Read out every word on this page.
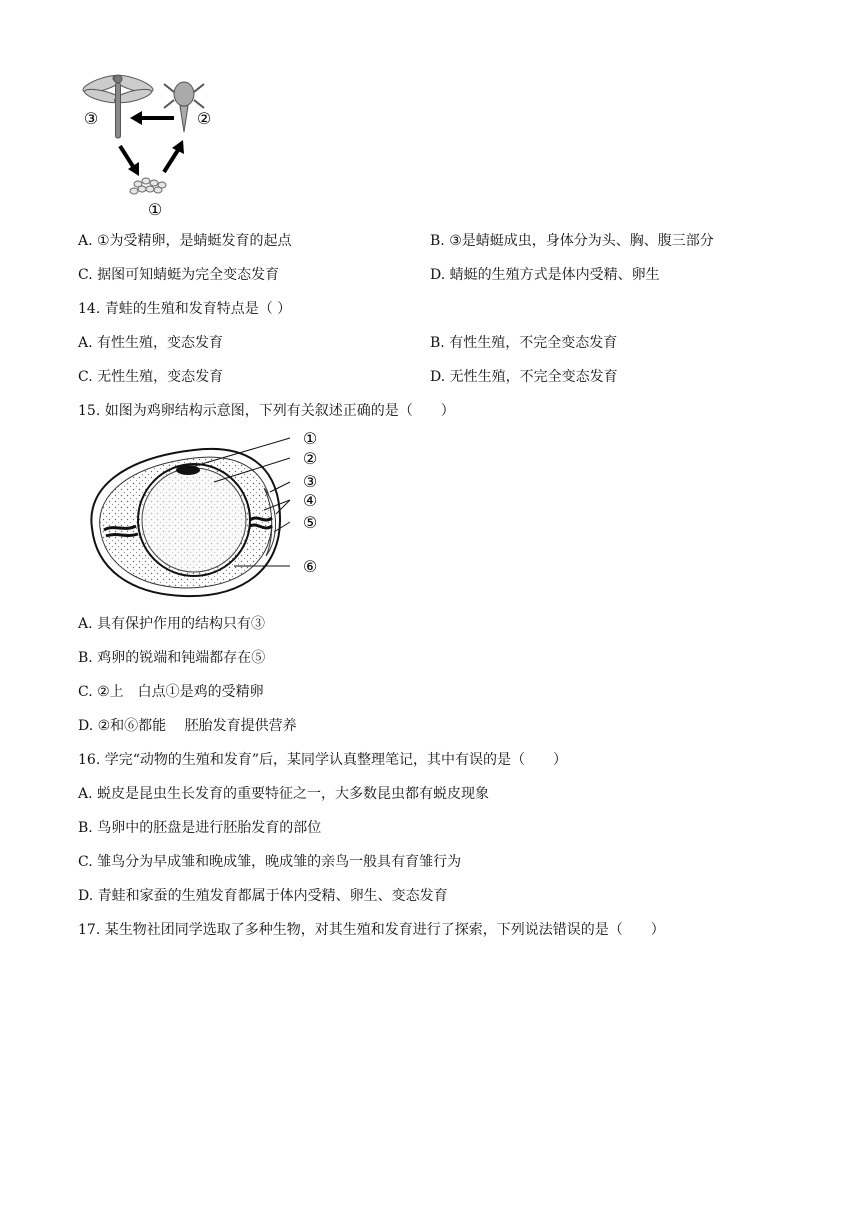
③	②
①
A. ①为受精卵，是蜻蜓发育的起点	B. ③是蜻蜓成虫，身体分为头、胸、腹三部分
C. 据图可知蜻蜓为完全变态发育	D. 蜻蜓的生殖方式是体内受精、卵生
14. 青蛙的生殖和发育特点是（ ）
A. 有性生殖，变态发育	B. 有性生殖，不完全变态发育
C. 无性生殖，变态发育	D. 无性生殖，不完全变态发育
15. 如图为鸡卵结构示意图，下列有关叙述正确的是（　　）
①
②
③
④
⑤
⑥
A. 具有保护作用的结构只有③
B. 鸡卵的锐端和钝端都存在⑤
C. ②上　白点①是鸡的受精卵
D. ②和⑥都能　 胚胎发育提供营养
16. 学完“动物的生殖和发育”后，某同学认真整理笔记，其中有误的是（　　）
A. 蜕皮是昆虫生长发育的重要特征之一，大多数昆虫都有蜕皮现象
B. 鸟卵中的胚盘是进行胚胎发育的部位
C. 雏鸟分为早成雏和晚成雏，晚成雏的亲鸟一般具有育雏行为
D. 青蛙和家蚕的生殖发育都属于体内受精、卵生、变态发育
17. 某生物社团同学选取了多种生物，对其生殖和发育进行了探索，下列说法错误的是（　　）
